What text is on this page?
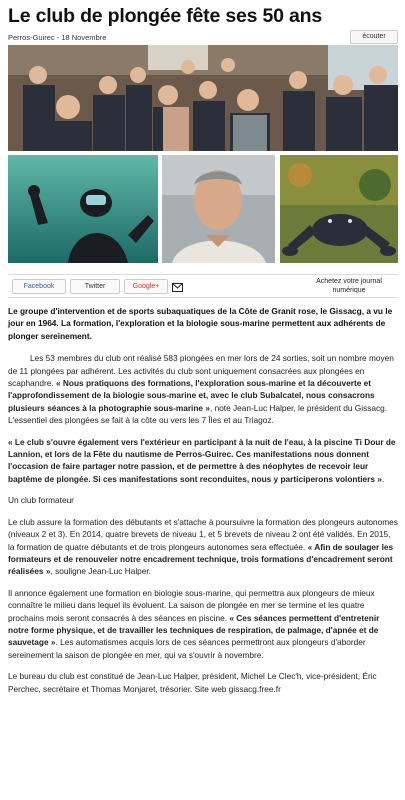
Le club de plongée fête ses 50 ans
Perros-Guirec - 18 Novembre	écouter
Facebook	Twitter	Google+
Achetez votre journal numérique

Le groupe d'intervention et de sports subaquatiques de la Côte de Granit rose, le Gissacg, a vu le jour en 1964. La formation, l'exploration et la biologie sous-marine permettent aux adhérents de plonger sereinement.

Les 53 membres du club ont réalisé 583 plongées en mer lors de 24 sorties, soit un nombre moyen de 11 plongées par adhérent. Les activités du club sont uniquement consacrées aux plongées en scaphandre. « Nous pratiquons des formations, l'exploration sous-marine et la découverte et l'approfondissement de la biologie sous-marine et, avec le club Subalcatel, nous consacrons plusieurs séances à la photographie sous-marine », note Jean-Luc Halper, le président du Gissacg. L'essentiel des plongées se fait à la côte ou vers les 7 Îles et au Triagoz.

« Le club s'ouvre également vers l'extérieur en participant à la nuit de l'eau, à la piscine Ti Dour de Lannion, et lors de la Fête du nautisme de Perros-Guirec. Ces manifestations nous donnent l'occasion de faire partager notre passion, et de permettre à des néophytes de recevoir leur baptême de plongée. Si ces manifestations sont reconduites, nous y participerons volontiers ».

Un club formateur

Le club assure la formation des débutants et s'attache à poursuivre la formation des plongeurs autonomes (niveaux 2 et 3). En 2014, quatre brevets de niveau 1, et 5 brevets de niveau 2 ont été validés. En 2015, la formation de quatre débutants et de trois plongeurs autonomes sera effectuée. « Afin de soulager les formateurs et de renouveler notre encadrement technique, trois formations d'encadrement seront réalisées », souligne Jean-Luc Halper.

Il annonce également une formation en biologie sous-marine, qui permettra aux plongeurs de mieux connaître le milieu dans lequel ils évoluent. La saison de plongée en mer se termine et les quatre prochains mois seront consacrés à des séances en piscine. « Ces séances permettent d'entretenir notre forme physique, et de travailler les techniques de respiration, de palmage, d'apnée et de sauvetage ». Les automatismes acquis lors de ces séances permettront aux plongeurs d'aborder sereinement la saison de plongée en mer, qui va s'ouvrir à novembre.

Le bureau du club est constitué de Jean-Luc Halper, président, Michel Le Clec'h, vice-président, Éric Perchec, secrétaire et Thomas Monjaret, trésorier. Site web gissacg.free.fr
